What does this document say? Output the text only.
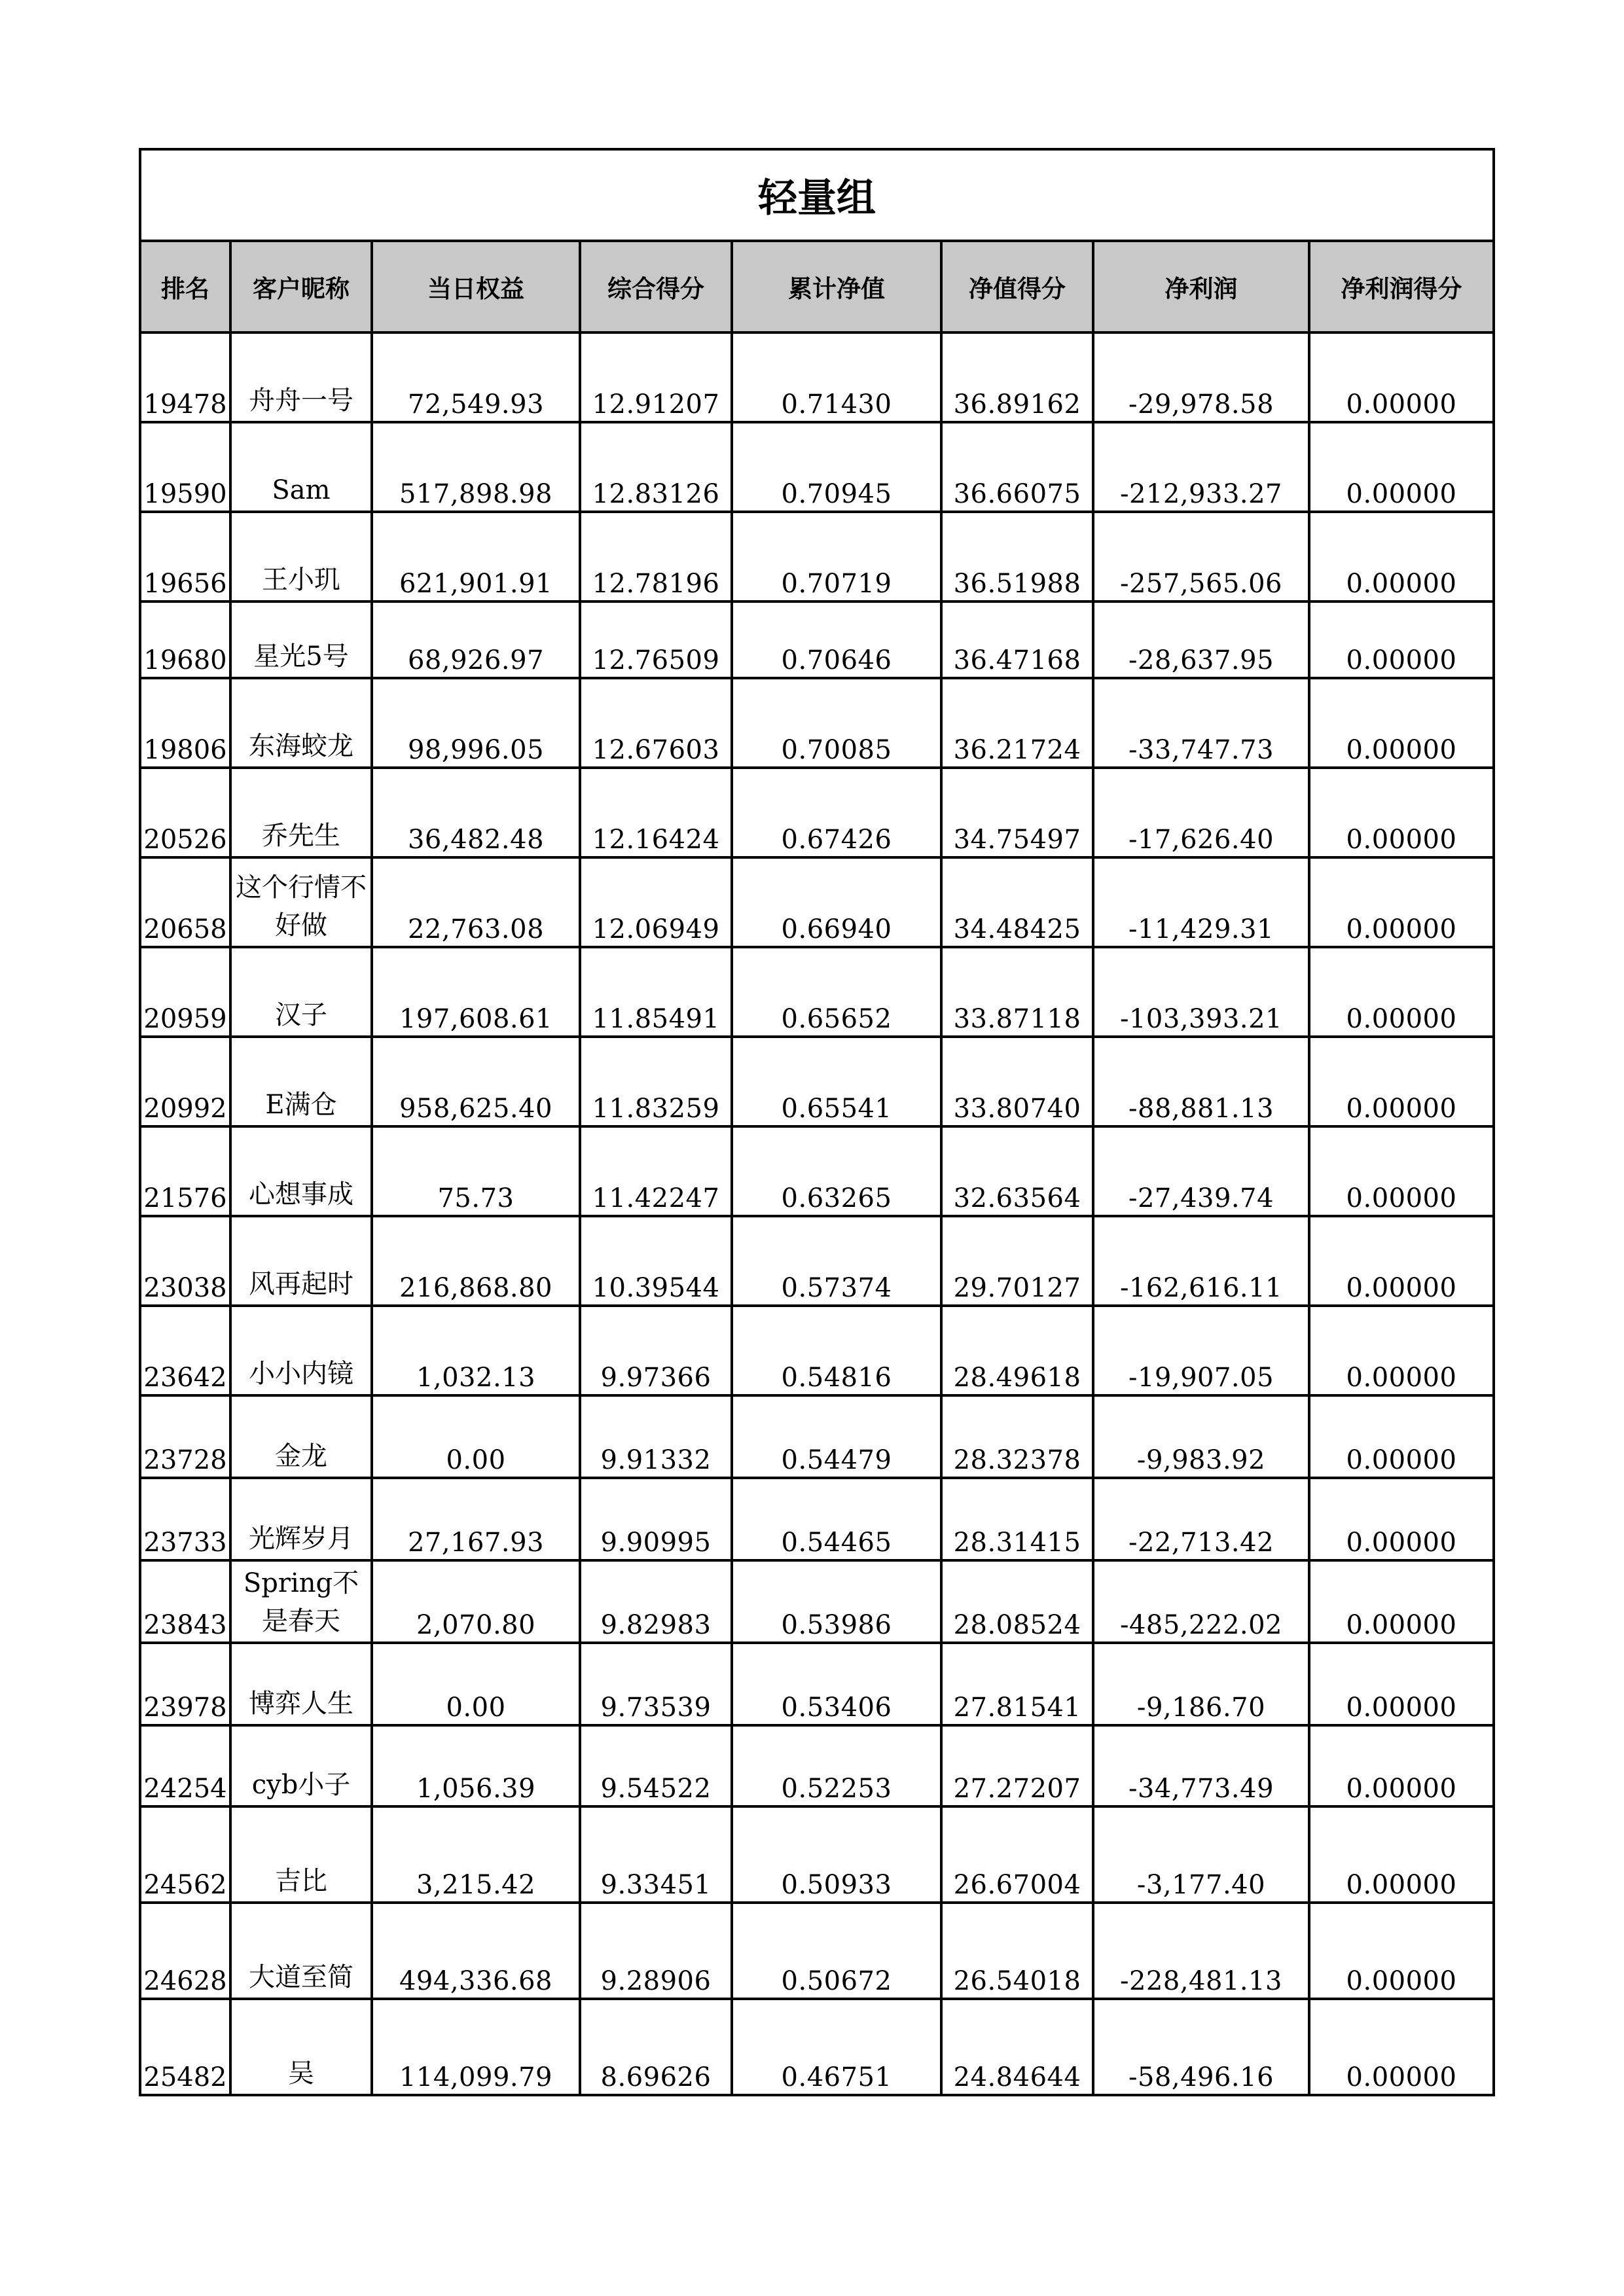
轻量组							
排名	客户昵称	当日权益	综合得分	累计净值	净值得分	净利润	净利润得分
19478	舟舟一号	72,549.93	12.91207	0.71430	36.89162	-29,978.58	0.00000
19590	Sam	517,898.98	12.83126	0.70945	36.66075	-212,933.27	0.00000
19656	王小玑	621,901.91	12.78196	0.70719	36.51988	-257,565.06	0.00000
19680	星光5号	68,926.97	12.76509	0.70646	36.47168	-28,637.95	0.00000
19806	东海蛟龙	98,996.05	12.67603	0.70085	36.21724	-33,747.73	0.00000
20526	乔先生	36,482.48	12.16424	0.67426	34.75497	-17,626.40	0.00000
20658	这个行情不好做	22,763.08	12.06949	0.66940	34.48425	-11,429.31	0.00000
20959	汉子	197,608.61	11.85491	0.65652	33.87118	-103,393.21	0.00000
20992	E满仓	958,625.40	11.83259	0.65541	33.80740	-88,881.13	0.00000
21576	心想事成	75.73	11.42247	0.63265	32.63564	-27,439.74	0.00000
23038	风再起时	216,868.80	10.39544	0.57374	29.70127	-162,616.11	0.00000
23642	小小内镜	1,032.13	9.97366	0.54816	28.49618	-19,907.05	0.00000
23728	金龙	0.00	9.91332	0.54479	28.32378	-9,983.92	0.00000
23733	光辉岁月	27,167.93	9.90995	0.54465	28.31415	-22,713.42	0.00000
23843	Spring不是春天	2,070.80	9.82983	0.53986	28.08524	-485,222.02	0.00000
23978	博弈人生	0.00	9.73539	0.53406	27.81541	-9,186.70	0.00000
24254	cyb小子	1,056.39	9.54522	0.52253	27.27207	-34,773.49	0.00000
24562	吉比	3,215.42	9.33451	0.50933	26.67004	-3,177.40	0.00000
24628	大道至简	494,336.68	9.28906	0.50672	26.54018	-228,481.13	0.00000
25482	吴	114,099.79	8.69626	0.46751	24.84644	-58,496.16	0.00000
